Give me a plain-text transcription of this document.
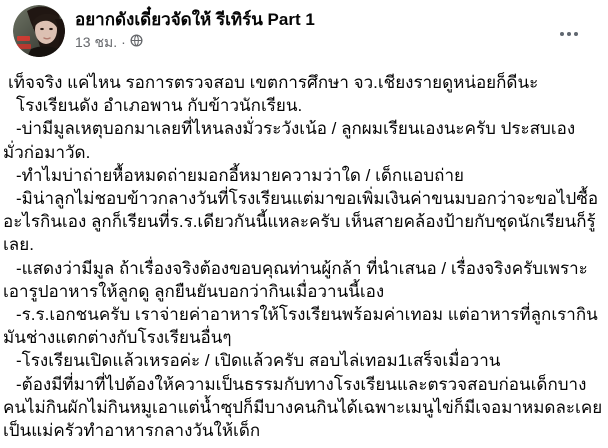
อยากดังเดี๋ยวจัดให้ รีเทิร์น Part 1
13 ชม. ·
เท็จจริง แค่ไหน รอการตรวจสอบ เขตการศึกษา จว.เชียงรายดูหน่อยก็ดีนะ
โรงเรียนดัง อำเภอพาน กับข้าวนักเรียน.
-บ่ามีมูลเหตุบอกมาเลยที่ไหนลงมั่วระวังเน้อ / ลูกผมเรียนเองนะครับ ประสบเอง
มั่วก่อมาวัด.
-ทำไมบ่าถ่ายหื้อหมดถ่ายมอกอี้หมายความว่าใด / เด็กแอบถ่าย
-มิน่าลูกไม่ชอบข้าวกลางวันที่โรงเรียนแต่มาขอเพิ่มเงินค่าขนมบอกว่าจะขอไปซื้อ
อะไรกินเอง ลูกก็เรียนที่ร.ร.เดียวกันนี้แหละครับ เห็นสายคล้องป้ายกับชุดนักเรียนก็รู้
เลย.
-แสดงว่ามีมูล ถ้าเรื่องจริงต้องขอบคุณท่านผู้กล้า ที่นำเสนอ / เรื่องจริงครับเพราะ
เอารูปอาหารให้ลูกดู ลูกยืนยันบอกว่ากินเมื่อวานนี้เอง
-ร.ร.เอกชนครับ เราจ่ายค่าอาหารให้โรงเรียนพร้อมค่าเทอม แต่อาหารที่ลูกเรากิน
มันช่างแตกต่างกับโรงเรียนอื่นๆ
-โรงเรียนเปิดแล้วเหรอค่ะ / เปิดแล้วครับ สอบไล่เทอม1เสร็จเมื่อวาน
-ต้องมีที่มาที่ไปต้องให้ความเป็นธรรมกับทางโรงเรียนและตรวจสอบก่อนเด็กบาง
คนไม่กินผักไม่กินหมูเอาแต่น้ำซุปก็มีบางคนกินได้เฉพาะเมนูไข่ก็มีเจอมาหมดละเคย
เป็นแม่ครัวทำอาหารกลางวันให้เด็ก
